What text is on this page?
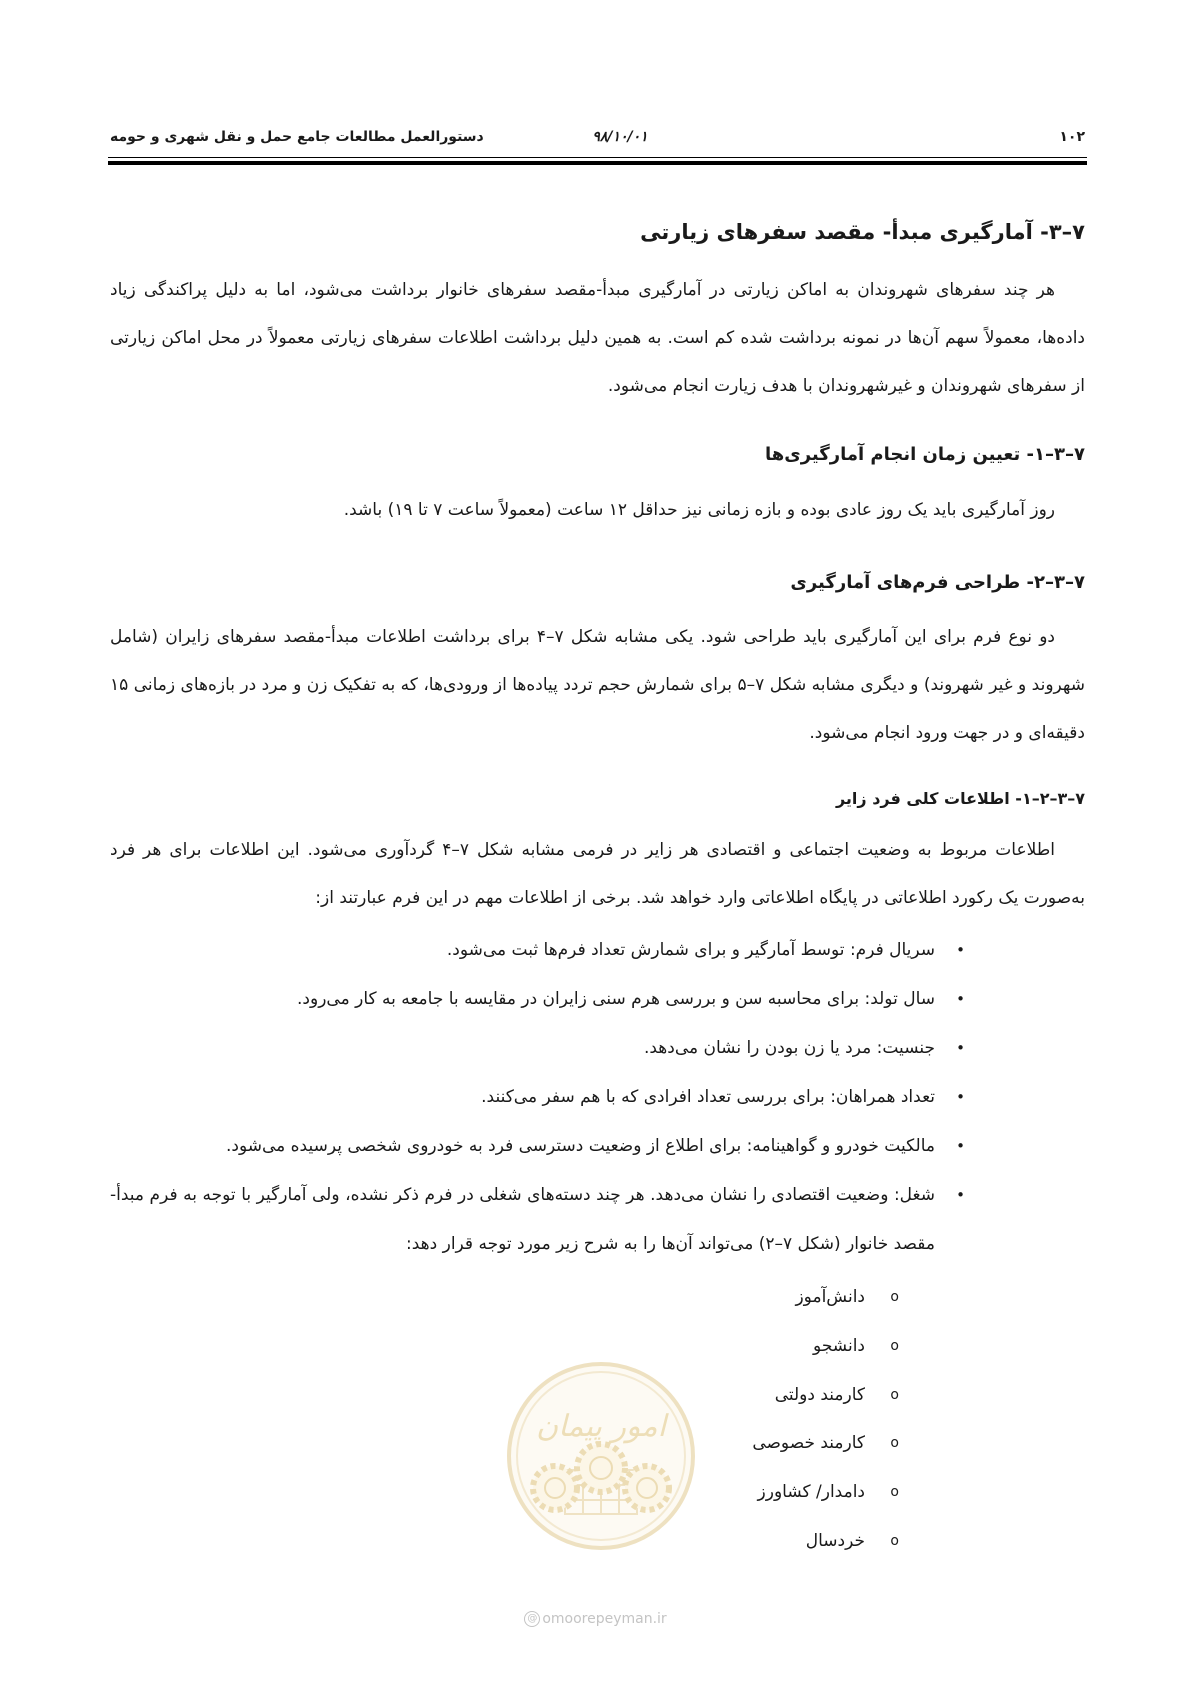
دستورالعمل مطالعات جامع حمل و نقل شهری و حومه	۹۸/۱۰/۰۱	۱۰۲
۷–۳- آمارگیری مبدأ- مقصد سفرهای زیارتی

هر چند سفرهای شهروندان به اماکن زیارتی در آمارگیری مبدأ-مقصد سفرهای خانوار برداشت می‌شود، اما به دلیل پراکندگی زیاد داده‌ها، معمولاً سهم آن‌ها در نمونه برداشت شده کم است. به همین دلیل برداشت اطلاعات سفرهای زیارتی معمولاً در محل اماکن زیارتی از سفرهای شهروندان و غیرشهروندان با هدف زیارت انجام می‌شود.

۷–۳–۱- تعیین زمان انجام آمارگیری‌ها

روز آمارگیری باید یک روز عادی بوده و بازه زمانی نیز حداقل ۱۲ ساعت (معمولاً ساعت ۷ تا ۱۹) باشد.

۷–۳–۲- طراحی فرم‌های آمارگیری

دو نوع فرم برای این آمارگیری باید طراحی شود. یکی مشابه شکل ۷–۴ برای برداشت اطلاعات مبدأ-مقصد سفرهای زایران (شامل شهروند و غیر شهروند) و دیگری مشابه شکل ۷–۵ برای شمارش حجم تردد پیاده‌ها از ورودی‌ها، که به تفکیک زن و مرد در بازه‌های زمانی ۱۵ دقیقه‌ای و در جهت ورود انجام می‌شود.

۷–۳–۲–۱- اطلاعات کلی فرد زایر

اطلاعات مربوط به وضعیت اجتماعی و اقتصادی هر زایر در فرمی مشابه شکل ۷–۴ گردآوری می‌شود. این اطلاعات برای هر فرد به‌صورت یک رکورد اطلاعاتی در پایگاه اطلاعاتی وارد خواهد شد. برخی از اطلاعات مهم در این فرم عبارتند از:

•
سریال فرم: توسط آمارگیر و برای شمارش تعداد فرم‌ها ثبت می‌شود.
•
سال تولد: برای محاسبه سن و بررسی هرم سنی زایران در مقایسه با جامعه به کار می‌رود.
•
جنسیت: مرد یا زن بودن را نشان می‌دهد.
•
تعداد همراهان: برای بررسی تعداد افرادی که با هم سفر می‌کنند.
•
مالکیت خودرو و گواهینامه: برای اطلاع از وضعیت دسترسی فرد به خودروی شخصی پرسیده می‌شود.
•
شغل: وضعیت اقتصادی را نشان می‌دهد. هر چند دسته‌های شغلی در فرم ذکر نشده، ولی آمارگیر با توجه به فرم مبدأ-مقصد خانوار (شکل ۷–۲) می‌تواند آن‌ها را به شرح زیر مورد توجه قرار دهد:
o
دانش‌آموز
o
دانشجو
o
کارمند دولتی
o
کارمند خصوصی
o
دامدار/ کشاورز
o
خردسال
امور پیمان
@ omoorepeyman.ir
